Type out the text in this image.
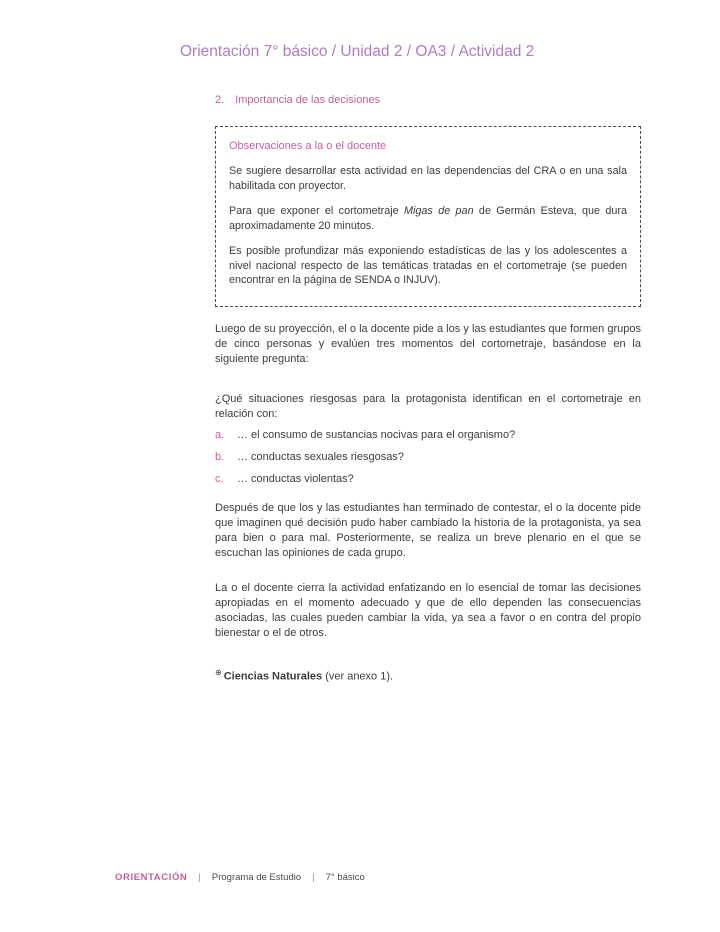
Orientación 7° básico / Unidad 2 / OA3 / Actividad 2
2. Importancia de las decisiones
Observaciones a la o el docente

Se sugiere desarrollar esta actividad en las dependencias del CRA o en una sala habilitada con proyector.

Para que exponer el cortometraje Migas de pan de Germán Esteva, que dura aproximadamente 20 minutos.

Es posible profundizar más exponiendo estadísticas de las y los adolescentes a nivel nacional respecto de las temáticas tratadas en el cortometraje (se pueden encontrar en la página de SENDA o INJUV).

Luego de su proyección, el o la docente pide a los y las estudiantes que formen grupos de cinco personas y evalúen tres momentos del cortometraje, basándose en la siguiente pregunta:

¿Qué situaciones riesgosas para la protagonista identifican en el cortometraje en relación con:

a.	… el consumo de sustancias nocivas para el organismo?
b.	… conductas sexuales riesgosas?
c.	… conductas violentas?

Después de que los y las estudiantes han terminado de contestar, el o la docente pide que imaginen qué decisión pudo haber cambiado la historia de la protagonista, ya sea para bien o para mal. Posteriormente, se realiza un breve plenario en el que se escuchan las opiniones de cada grupo.

La o el docente cierra la actividad enfatizando en lo esencial de tomar las decisiones apropiadas en el momento adecuado y que de ello dependen las consecuencias asociadas, las cuales pueden cambiar la vida, ya sea a favor o en contra del propio bienestar o el de otros.

⊕ Ciencias Naturales (ver anexo 1).

ORIENTACIÓN | Programa de Estudio | 7° básico
